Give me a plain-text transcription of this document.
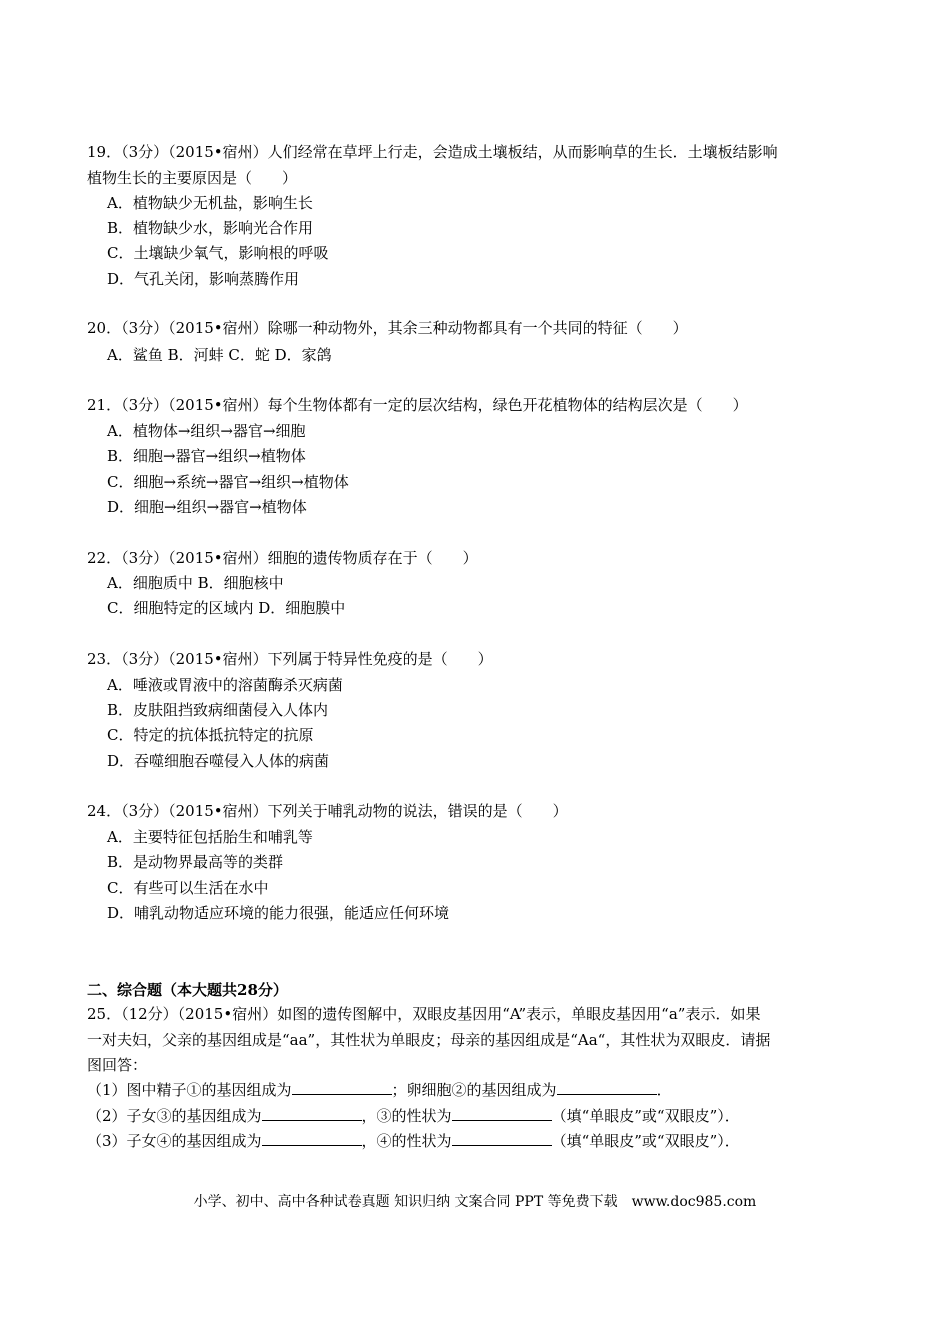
19．（3分）（2015•宿州）人们经常在草坪上行走，会造成土壤板结，从而影响草的生长．土壤板结影响
植物生长的主要原因是（　　）
A．植物缺少无机盐，影响生长
B．植物缺少水，影响光合作用
C．土壤缺少氧气，影响根的呼吸
D．气孔关闭，影响蒸腾作用
20．（3分）（2015•宿州）除哪一种动物外，其余三种动物都具有一个共同的特征（　　）
A．鲨鱼 B．河蚌 C．蛇 D．家鸽
21．（3分）（2015•宿州）每个生物体都有一定的层次结构，绿色开花植物体的结构层次是（　　）
A．植物体→组织→器官→细胞
B．细胞→器官→组织→植物体
C．细胞→系统→器官→组织→植物体
D．细胞→组织→器官→植物体
22．（3分）（2015•宿州）细胞的遗传物质存在于（　　）
A．细胞质中 B．细胞核中
C．细胞特定的区域内 D．细胞膜中
23．（3分）（2015•宿州）下列属于特异性免疫的是（　　）
A．唾液或胃液中的溶菌酶杀灭病菌
B．皮肤阻挡致病细菌侵入人体内
C．特定的抗体抵抗特定的抗原
D．吞噬细胞吞噬侵入人体的病菌
24．（3分）（2015•宿州）下列关于哺乳动物的说法，错误的是（　　）
A．主要特征包括胎生和哺乳等
B．是动物界最高等的类群
C．有些可以生活在水中
D．哺乳动物适应环境的能力很强，能适应任何环境
二、综合题（本大题共28分）
25．（12分）（2015•宿州）如图的遗传图解中，双眼皮基因用“A”表示，单眼皮基因用“a”表示．如果
一对夫妇，父亲的基因组成是“aa”，其性状为单眼皮；母亲的基因组成是“Aa“，其性状为双眼皮．请据
图回答：
（1）图中精子①的基因组成为	；卵细胞②的基因组成为	．
（2）子女③的基因组成为	，③的性状为	（填“单眼皮”或“双眼皮”）．
（3）子女④的基因组成为	，④的性状为	（填“单眼皮”或“双眼皮”）．
小学、初中、高中各种试卷真题 知识归纳 文案合同 PPT 等免费下载　www.doc985.com
